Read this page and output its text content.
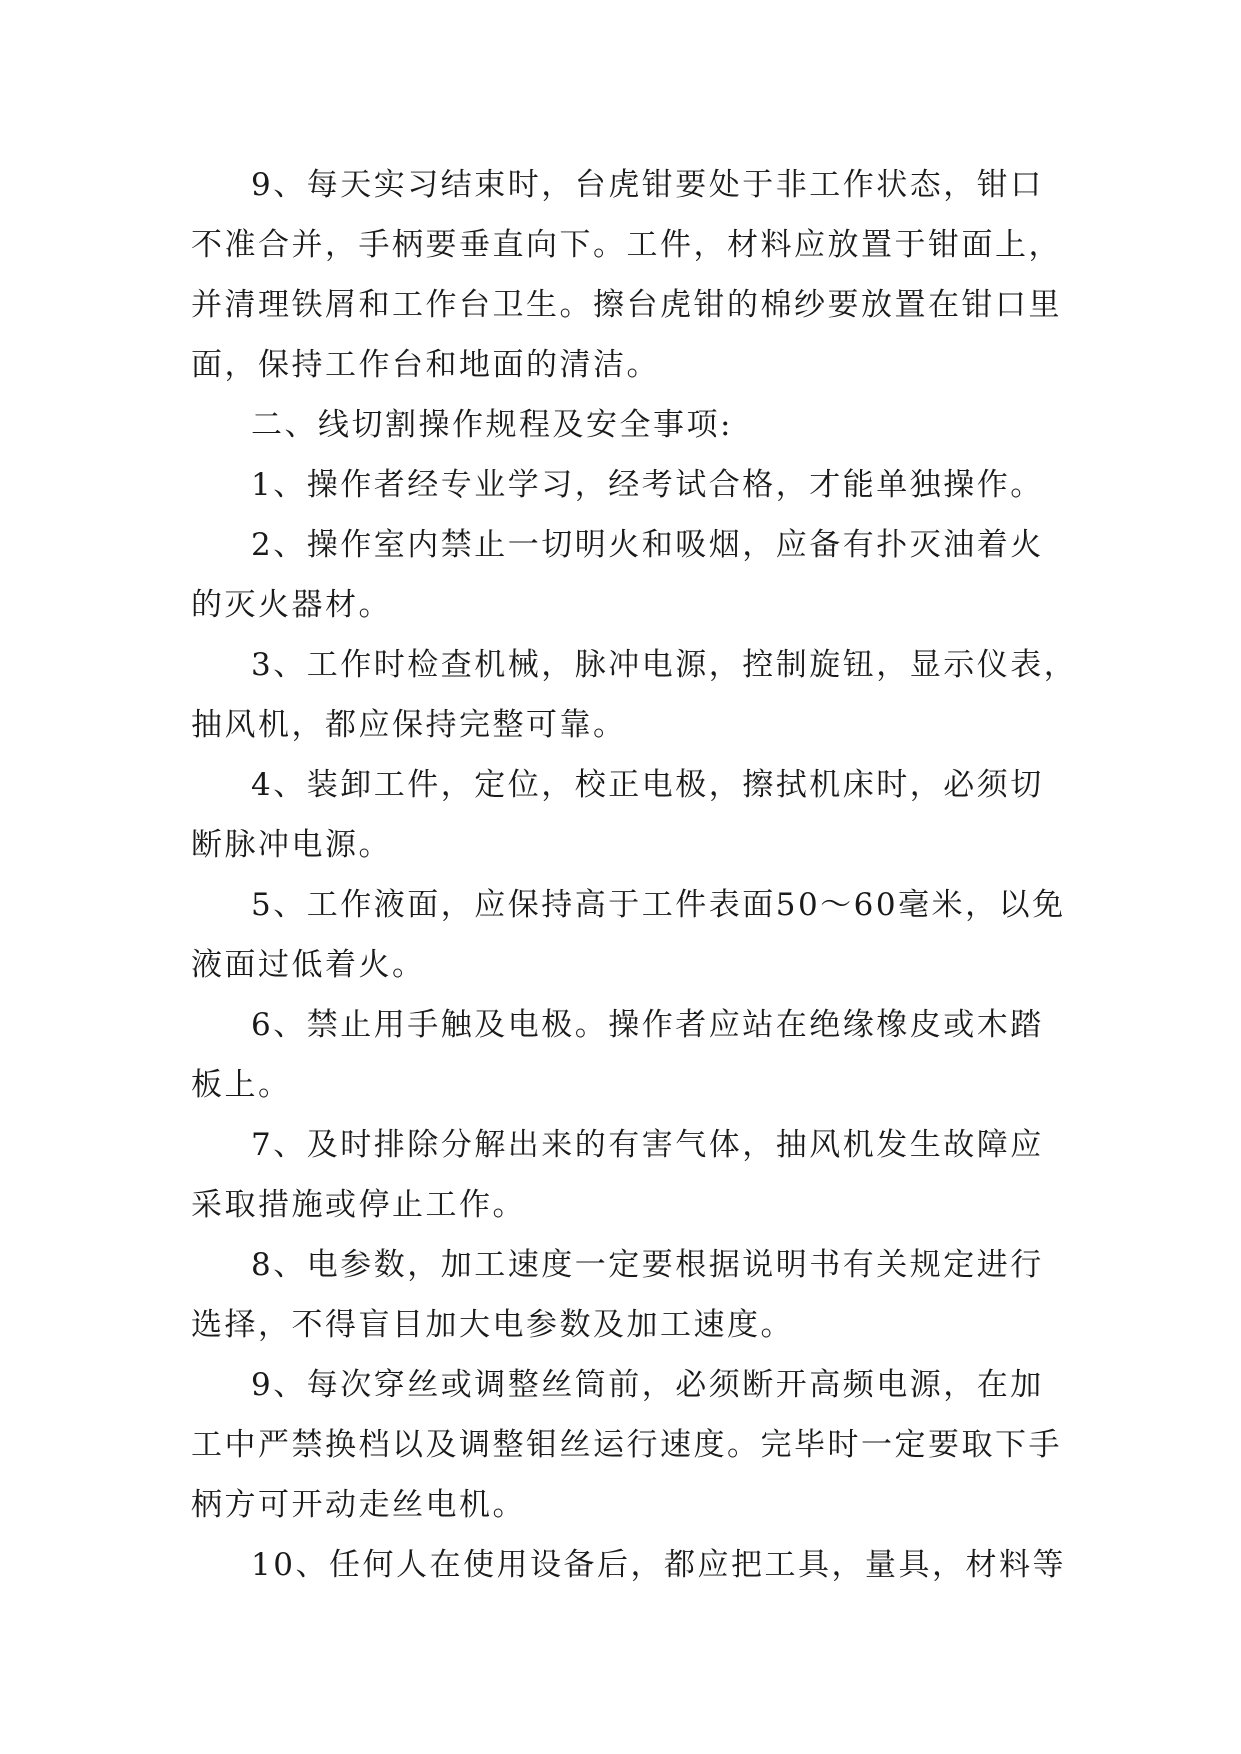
9、每天实习结束时，台虎钳要处于非工作状态，钳口
不准合并，手柄要垂直向下。工件，材料应放置于钳面上，
并清理铁屑和工作台卫生。擦台虎钳的棉纱要放置在钳口里
面，保持工作台和地面的清洁。
二、线切割操作规程及安全事项:
1、操作者经专业学习，经考试合格，才能单独操作。
2、操作室内禁止一切明火和吸烟，应备有扑灭油着火
的灭火器材。
3、工作时检查机械，脉冲电源，控制旋钮，显示仪表，
抽风机，都应保持完整可靠。
4、装卸工件，定位，校正电极，擦拭机床时，必须切
断脉冲电源。
5、工作液面，应保持高于工件表面50～60毫米，以免
液面过低着火。
6、禁止用手触及电极。操作者应站在绝缘橡皮或木踏
板上。
7、及时排除分解出来的有害气体，抽风机发生故障应
采取措施或停止工作。
8、电参数，加工速度一定要根据说明书有关规定进行
选择，不得盲目加大电参数及加工速度。
9、每次穿丝或调整丝筒前，必须断开高频电源，在加
工中严禁换档以及调整钼丝运行速度。完毕时一定要取下手
柄方可开动走丝电机。
10、任何人在使用设备后，都应把工具，量具，材料等
